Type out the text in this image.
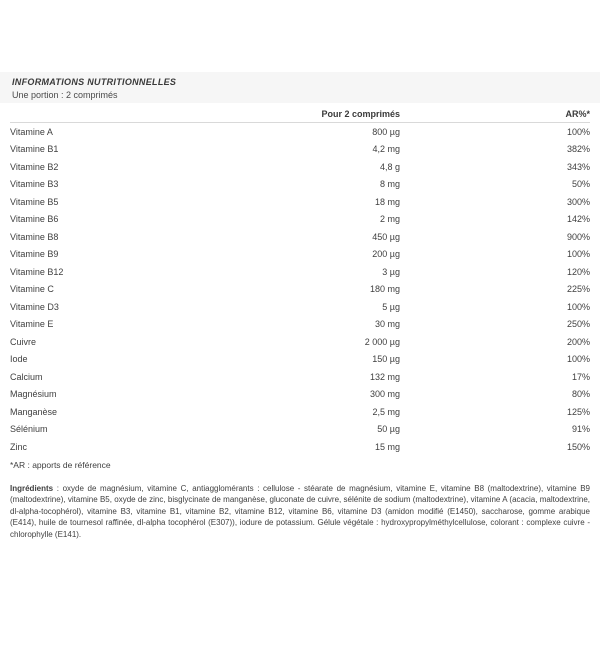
INFORMATIONS NUTRITIONNELLES
Une portion : 2 comprimés
Pour 2 comprimés	AR%*
Vitamine A	800 µg	100%
Vitamine B1	4,2 mg	382%
Vitamine B2	4,8 g	343%
Vitamine B3	8 mg	50%
Vitamine B5	18 mg	300%
Vitamine B6	2 mg	142%
Vitamine B8	450 µg	900%
Vitamine B9	200 µg	100%
Vitamine B12	3 µg	120%
Vitamine C	180 mg	225%
Vitamine D3	5 µg	100%
Vitamine E	30 mg	250%
Cuivre	2 000 µg	200%
Iode	150 µg	100%
Calcium	132 mg	17%
Magnésium	300 mg	80%
Manganèse	2,5 mg	125%
Sélénium	50 µg	91%
Zinc	15 mg	150%
*AR : apports de référence

Ingrédients : oxyde de magnésium, vitamine C, antiagglomérants : cellulose - stéarate de magnésium, vitamine E, vitamine B8 (maltodextrine), vitamine B9 (maltodextrine), vitamine B5, oxyde de zinc, bisglycinate de manganèse, gluconate de cuivre, sélénite de sodium (maltodextrine), vitamine A (acacia, maltodextrine, dl-alpha-tocophérol), vitamine B3, vitamine B1, vitamine B2, vitamine B12, vitamine B6, vitamine D3 (amidon modifié (E1450), saccharose, gomme arabique (E414), huile de tournesol raffinée, dl-alpha tocophérol (E307)), iodure de potassium. Gélule végétale : hydroxypropylméthylcellulose, colorant : complexe cuivre - chlorophylle (E141).
